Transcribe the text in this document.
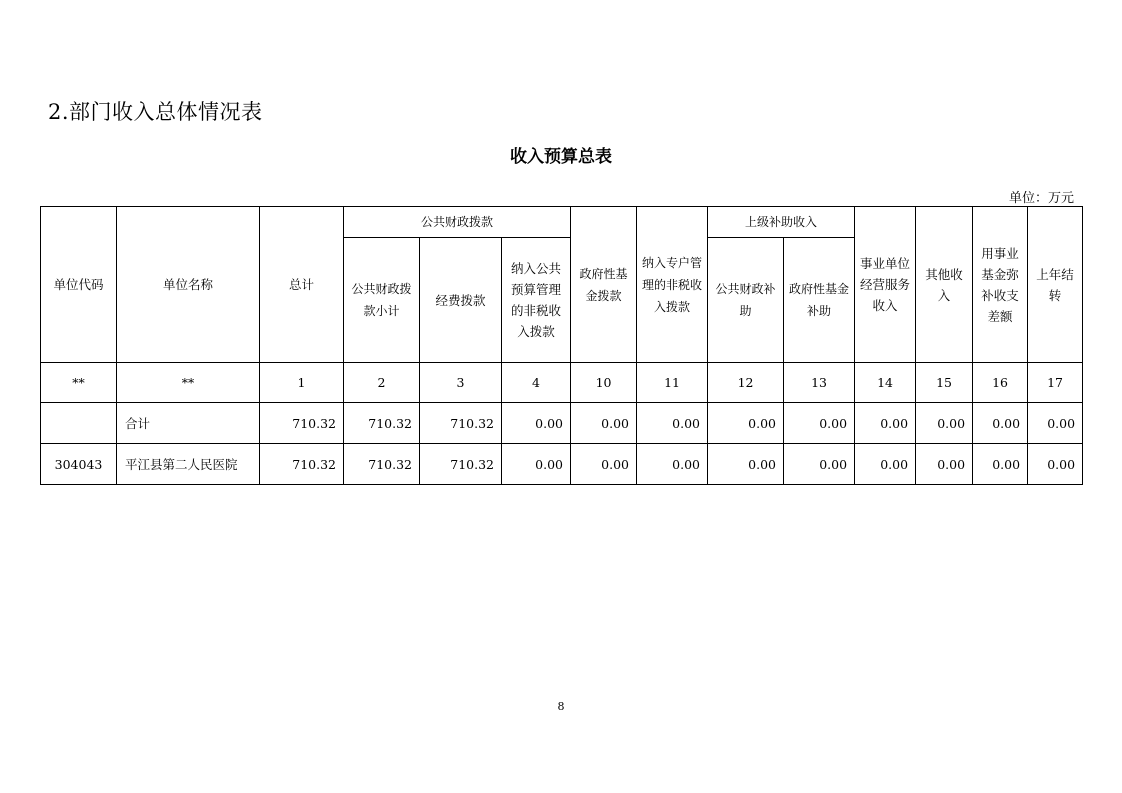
2.部门收入总体情况表
收入预算总表
单位：万元
单位代码	单位名称	总计	公共财政拨款			政府性基金拨款	纳入专户管理的非税收入拨款	上级补助收入		事业单位经营服务收入	其他收入	用事业基金弥补收支差额	上年结转
			公共财政拨款小计	经费拨款	纳入公共预算管理的非税收入拨款			公共财政补助	政府性基金补助				
**	**	1	2	3	4	10	11	12	13	14	15	16	17
	合计	710.32	710.32	710.32	0.00	0.00	0.00	0.00	0.00	0.00	0.00	0.00	0.00
304043	平江县第二人民医院	710.32	710.32	710.32	0.00	0.00	0.00	0.00	0.00	0.00	0.00	0.00	0.00
8
